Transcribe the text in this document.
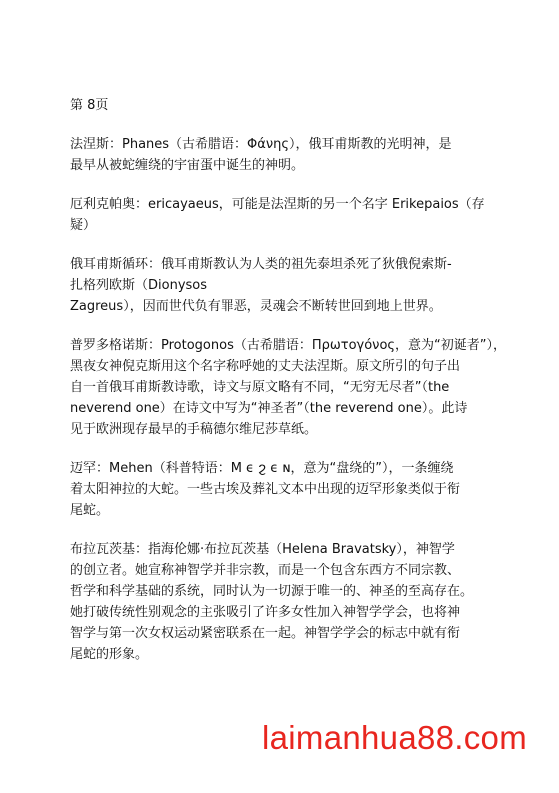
第 8页
法涅斯：Phanes（古希腊语：Φάνης），俄耳甫斯教的光明神，是
最早从被蛇缠绕的宇宙蛋中诞生的神明。
厄利克帕奥：ericayaeus，可能是法涅斯的另一个名字 Erikepaios（存
疑）
俄耳甫斯循环：俄耳甫斯教认为人类的祖先泰坦杀死了狄俄倪索斯-
扎格列欧斯（Dionysos
Zagreus），因而世代负有罪恶，灵魂会不断转世回到地上世界。
普罗多格诺斯：Protogonos（古希腊语：Πρωτογόνος，意为“初诞者”），
黑夜女神倪克斯用这个名字称呼她的丈夫法涅斯。原文所引的句子出
自一首俄耳甫斯教诗歌，诗文与原文略有不同，“无穷无尽者”（the
neverend one）在诗文中写为“神圣者”（the reverend one）。此诗
见于欧洲现存最早的手稿德尔维尼莎草纸。
迈罕：Mehen（科普特语：Μ ϵ ϩ ϵ ɴ，意为“盘绕的”），一条缠绕
着太阳神拉的大蛇。一些古埃及葬礼文本中出现的迈罕形象类似于衔
尾蛇。
布拉瓦茨基：指海伦娜·布拉瓦茨基（Helena Bravatsky），神智学
的创立者。她宣称神智学并非宗教，而是一个包含东西方不同宗教、
哲学和科学基础的系统，同时认为一切源于唯一的、神圣的至高存在。
她打破传统性别观念的主张吸引了许多女性加入神智学学会，也将神
智学与第一次女权运动紧密联系在一起。神智学学会的标志中就有衔
尾蛇的形象。
laimanhua88.com
